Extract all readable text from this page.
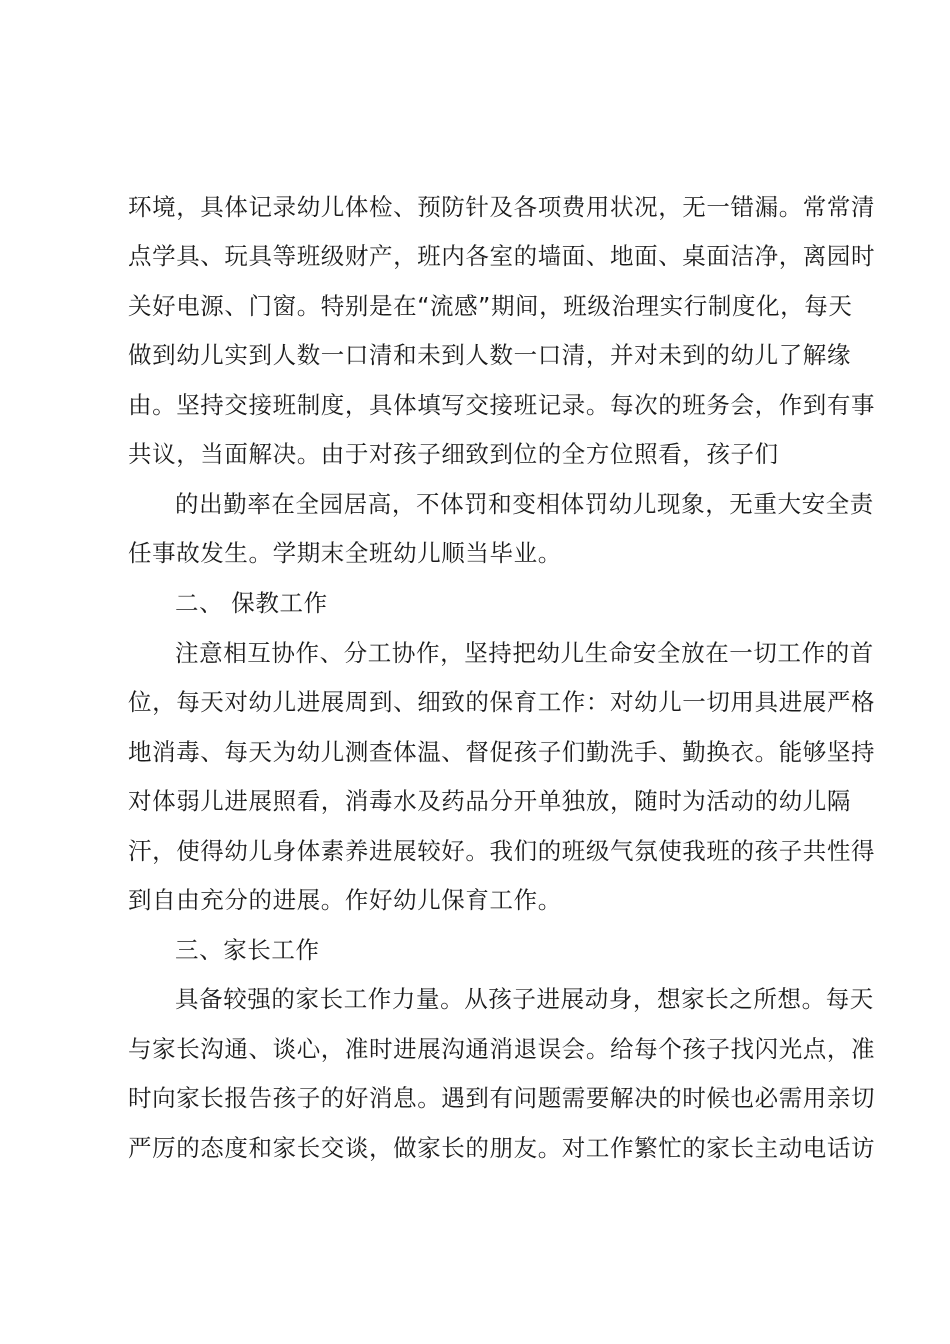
环境，具体记录幼儿体检、预防针及各项费用状况，无一错漏。常常清
点学具、玩具等班级财产，班内各室的墙面、地面、桌面洁净，离园时
关好电源、门窗。特别是在“流感”期间，班级治理实行制度化，每天
做到幼儿实到人数一口清和未到人数一口清，并对未到的幼儿了解缘
由。坚持交接班制度，具体填写交接班记录。每次的班务会，作到有事
共议，当面解决。由于对孩子细致到位的全方位照看，孩子们
的出勤率在全园居高，不体罚和变相体罚幼儿现象，无重大安全责
任事故发生。学期末全班幼儿顺当毕业。
二、 保教工作
注意相互协作、分工协作，坚持把幼儿生命安全放在一切工作的首
位，每天对幼儿进展周到、细致的保育工作：对幼儿一切用具进展严格
地消毒、每天为幼儿测查体温、督促孩子们勤洗手、勤换衣。能够坚持
对体弱儿进展照看，消毒水及药品分开单独放，随时为活动的幼儿隔
汗，使得幼儿身体素养进展较好。我们的班级气氛使我班的孩子共性得
到自由充分的进展。作好幼儿保育工作。
三、家长工作
具备较强的家长工作力量。从孩子进展动身，想家长之所想。每天
与家长沟通、谈心，准时进展沟通消退误会。给每个孩子找闪光点，准
时向家长报告孩子的好消息。遇到有问题需要解决的时候也必需用亲切
严厉的态度和家长交谈，做家长的朋友。对工作繁忙的家长主动电话访
